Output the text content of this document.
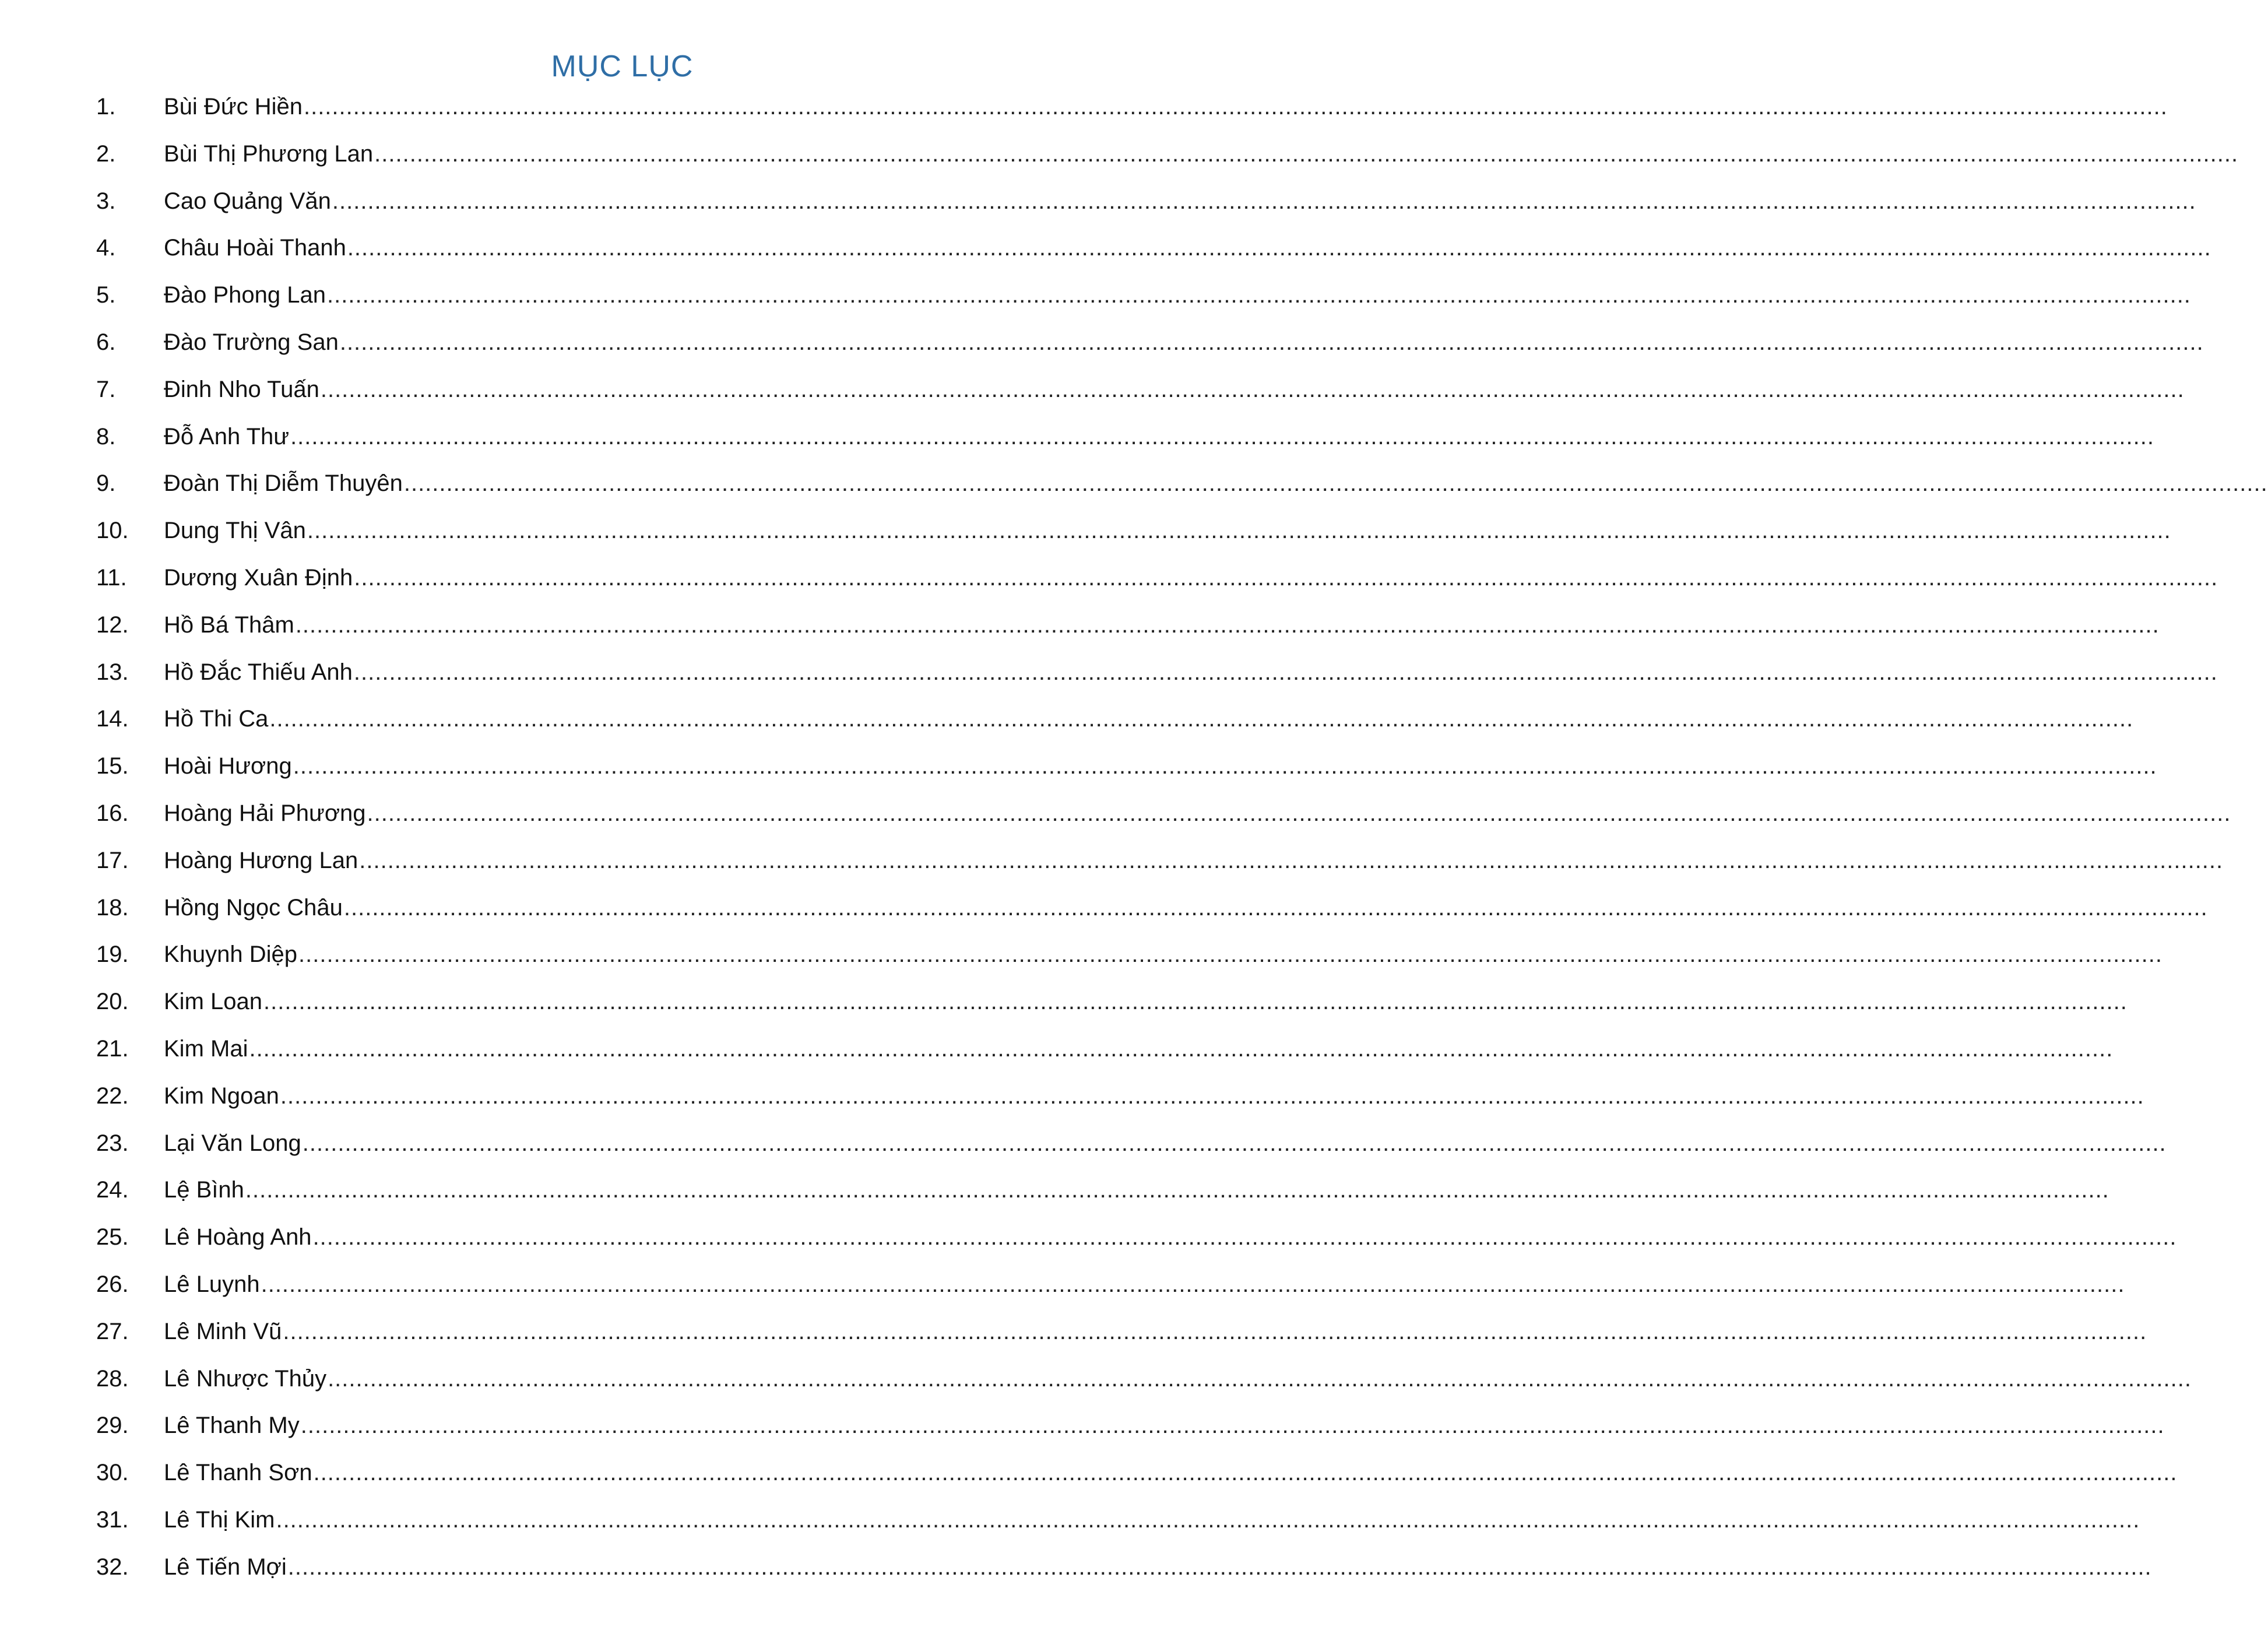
MỤC LỤC
1.	Bùi Đức Hiền ........................................................................................................................................................................................................................................................................
2.	Bùi Thị Phương Lan ........................................................................................................................................................................................................................................................................
3.	Cao Quảng Văn ........................................................................................................................................................................................................................................................................
4.	Châu Hoài Thanh ........................................................................................................................................................................................................................................................................
5.	Đào Phong Lan ........................................................................................................................................................................................................................................................................
6.	Đào Trường San ........................................................................................................................................................................................................................................................................
7.	Đinh Nho Tuấn ........................................................................................................................................................................................................................................................................
8.	Đỗ Anh Thư ........................................................................................................................................................................................................................................................................
9.	Đoàn Thị Diễm Thuyên ........................................................................................................................................................................................................................................................................
10.	Dung Thị Vân ........................................................................................................................................................................................................................................................................
11.	Dương Xuân Định ........................................................................................................................................................................................................................................................................
12.	Hồ Bá Thâm ........................................................................................................................................................................................................................................................................
13.	Hồ Đắc Thiếu Anh ........................................................................................................................................................................................................................................................................
14.	Hồ Thi Ca ........................................................................................................................................................................................................................................................................
15.	Hoài Hương ........................................................................................................................................................................................................................................................................
16.	Hoàng Hải Phương ........................................................................................................................................................................................................................................................................
17.	Hoàng Hương Lan ........................................................................................................................................................................................................................................................................
18.	Hồng Ngọc Châu ........................................................................................................................................................................................................................................................................
19.	Khuynh Diệp ........................................................................................................................................................................................................................................................................
20.	Kim Loan ........................................................................................................................................................................................................................................................................
21.	Kim Mai ........................................................................................................................................................................................................................................................................
22.	Kim Ngoan ........................................................................................................................................................................................................................................................................
23.	Lại Văn Long ........................................................................................................................................................................................................................................................................
24.	Lệ Bình ........................................................................................................................................................................................................................................................................
25.	Lê Hoàng Anh ........................................................................................................................................................................................................................................................................
26.	Lê Luynh ........................................................................................................................................................................................................................................................................
27.	Lê Minh Vũ ........................................................................................................................................................................................................................................................................
28.	Lê Nhược Thủy ........................................................................................................................................................................................................................................................................
29.	Lê Thanh My ........................................................................................................................................................................................................................................................................
30.	Lê Thanh Sơn ........................................................................................................................................................................................................................................................................
31.	Lê Thị Kim ........................................................................................................................................................................................................................................................................
32.	Lê Tiến Mợi ........................................................................................................................................................................................................................................................................
